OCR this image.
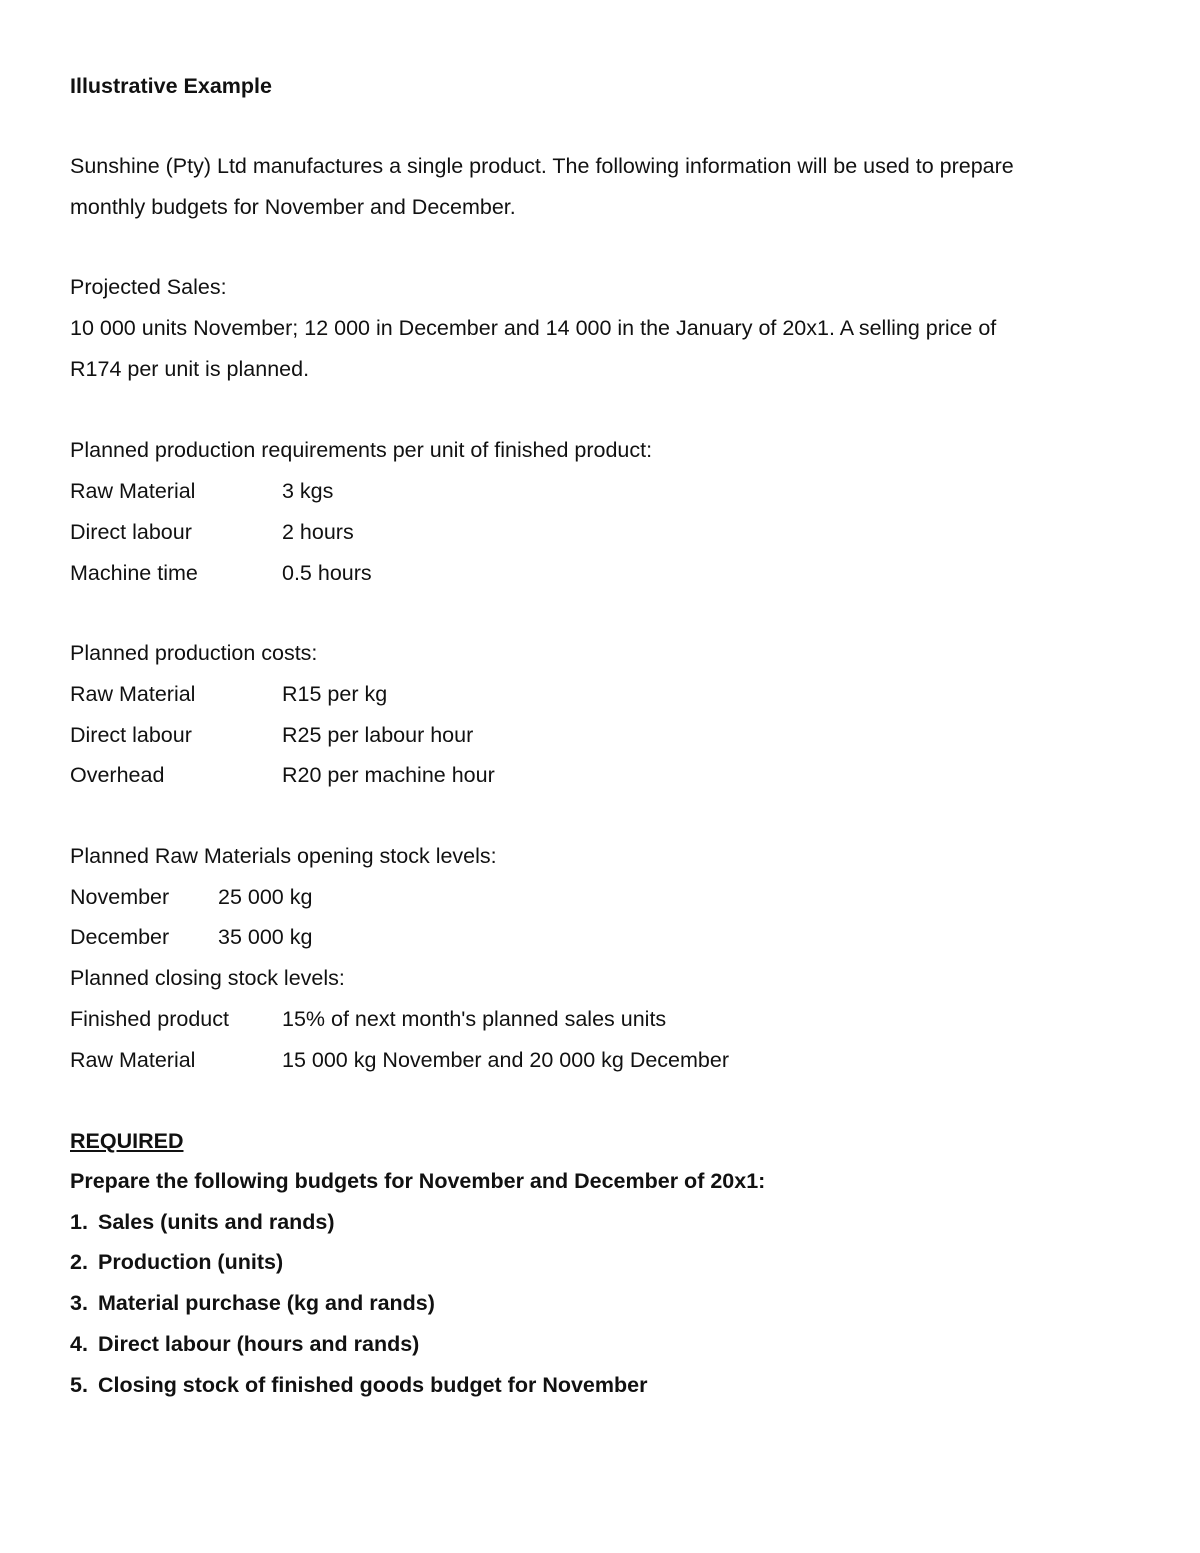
Illustrative Example
Sunshine (Pty) Ltd manufactures a single product. The following information will be used to prepare
monthly budgets for November and December.
Projected Sales:
10 000 units November; 12 000 in December and 14 000 in the January of 20x1. A selling price of
R174 per unit is planned.
Planned production requirements per unit of finished product:
Raw Material	3 kgs
Direct labour	2 hours
Machine time	0.5 hours
Planned production costs:
Raw Material	R15 per kg
Direct labour	R25 per labour hour
Overhead	R20 per machine hour
Planned Raw Materials opening stock levels:
November 25 000 kg
December 35 000 kg
Planned closing stock levels:
Finished product 15% of next month's planned sales units
Raw Material	15 000 kg November and 20 000 kg December
REQUIRED
Prepare the following budgets for November and December of 20x1:
1. Sales (units and rands)
2. Production (units)
3. Material purchase (kg and rands)
4. Direct labour (hours and rands)
5. Closing stock of finished goods budget for November
